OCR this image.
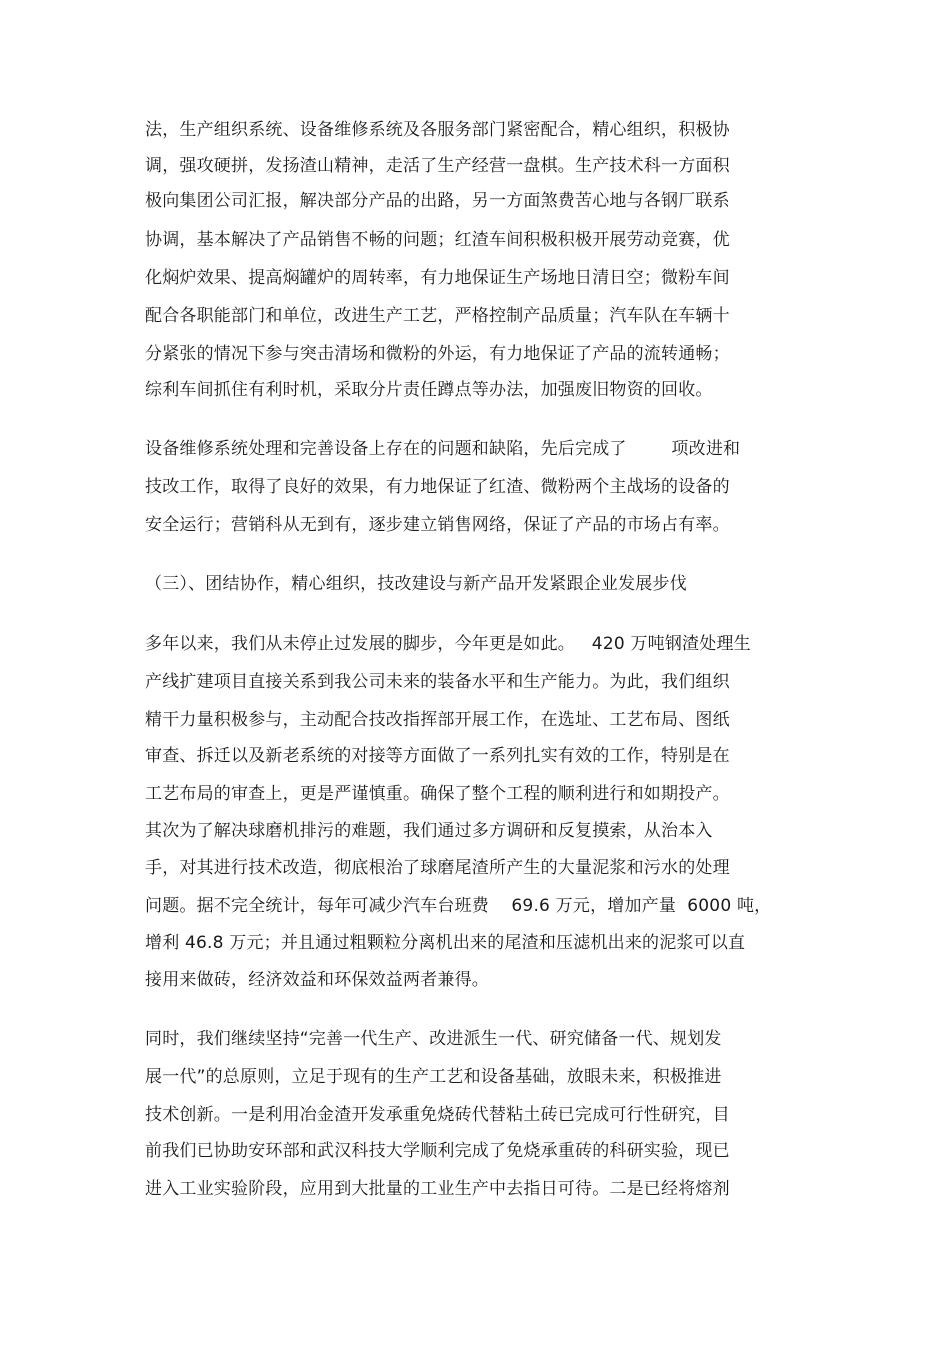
法，生产组织系统、设备维修系统及各服务部门紧密配合，精心组织，积极协
调，强攻硬拼，发扬渣山精神，走活了生产经营一盘棋。生产技术科一方面积
极向集团公司汇报，解决部分产品的出路，另一方面煞费苦心地与各钢厂联系
协调，基本解决了产品销售不畅的问题；红渣车间积极积极开展劳动竞赛，优
化焖炉效果、提高焖罐炉的周转率，有力地保证生产场地日清日空；微粉车间
配合各职能部门和单位，改进生产工艺，严格控制产品质量；汽车队在车辆十
分紧张的情况下参与突击清场和微粉的外运，有力地保证了产品的流转通畅；
综利车间抓住有利时机，采取分片责任蹲点等办法，加强废旧物资的回收。
设备维修系统处理和完善设备上存在的问题和缺陷，先后完成了        项改进和
技改工作，取得了良好的效果，有力地保证了红渣、微粉两个主战场的设备的
安全运行；营销科从无到有，逐步建立销售网络，保证了产品的市场占有率。
（三）、团结协作，精心组织，技改建设与新产品开发紧跟企业发展步伐
多年以来，我们从未停止过发展的脚步，今年更是如此。   420 万吨钢渣处理生
产线扩建项目直接关系到我公司未来的装备水平和生产能力。为此，我们组织
精干力量积极参与，主动配合技改指挥部开展工作，在选址、工艺布局、图纸
审查、拆迁以及新老系统的对接等方面做了一系列扎实有效的工作，特别是在
工艺布局的审查上，更是严谨慎重。确保了整个工程的顺利进行和如期投产。
其次为了解决球磨机排污的难题，我们通过多方调研和反复摸索，从治本入
手，对其进行技术改造，彻底根治了球磨尾渣所产生的大量泥浆和污水的处理
问题。据不完全统计，每年可减少汽车台班费    69.6 万元，增加产量  6000 吨，
增利 46.8 万元；并且通过粗颗粒分离机出来的尾渣和压滤机出来的泥浆可以直
接用来做砖，经济效益和环保效益两者兼得。
同时，我们继续坚持“完善一代生产、改进派生一代、研究储备一代、规划发
展一代”的总原则，立足于现有的生产工艺和设备基础，放眼未来，积极推进
技术创新。一是利用冶金渣开发承重免烧砖代替粘土砖已完成可行性研究，目
前我们已协助安环部和武汉科技大学顺利完成了免烧承重砖的科研实验，现已
进入工业实验阶段，应用到大批量的工业生产中去指日可待。二是已经将熔剂
